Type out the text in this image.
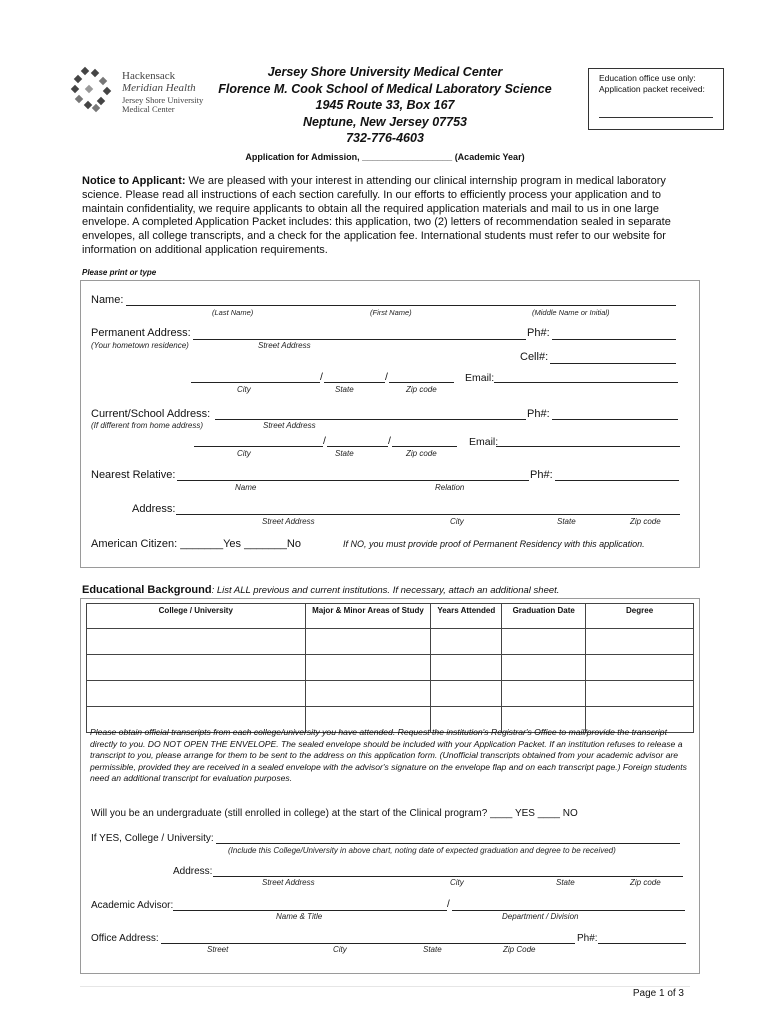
Hackensack
Meridian Health
Jersey Shore University
Medical Center
Jersey Shore University Medical Center
Florence M. Cook School of Medical Laboratory Science
1945 Route 33, Box 167
Neptune, New Jersey 07753
732-776-4603
Education office use only:
Application packet received:
Application for Admission, __________________ (Academic Year)
Notice to Applicant: We are pleased with your interest in attending our clinical internship program in medical laboratory science. Please read all instructions of each section carefully. In our efforts to efficiently process your application and to maintain confidentiality, we require applicants to obtain all the required application materials and mail to us in one large envelope. A completed Application Packet includes: this application, two (2) letters of recommendation sealed in separate envelopes, all college transcripts, and a check for the application fee. International students must refer to our website for information on additional application requirements.
Please print or type
Name:
(Last Name)	(First Name)	(Middle Name or Initial)
Permanent Address:	Ph#:
(Your hometown residence)	Street Address
Cell#:
/	/	Email:
City	State	Zip code
Current/School Address:	Ph#:
(If different from home address)	Street Address
/	/	Email:
City	State	Zip code
Nearest Relative:	Ph#:
Name	Relation
Address:
Street Address	City	State	Zip code
American Citizen: _______Yes _______No	If NO, you must provide proof of Permanent Residency with this application.
Educational Background: List ALL previous and current institutions. If necessary, attach an additional sheet.
College / University	Major & Minor Areas of Study	Years Attended	Graduation Date	Degree

Please obtain official transcripts from each college/university you have attended. Request the institution's Registrar's Office to mail/provide the transcript directly to you. DO NOT OPEN THE ENVELOPE. The sealed envelope should be included with your Application Packet. If an institution refuses to release a transcript to you, please arrange for them to be sent to the address on this application form. (Unofficial transcripts obtained from your academic advisor are permissible, provided they are received in a sealed envelope with the advisor's signature on the envelope flap and on each transcript page.) Foreign students need an additional transcript for evaluation purposes.
Will you be an undergraduate (still enrolled in college) at the start of the Clinical program? ____ YES ____ NO
If YES, College / University:
(Include this College/University in above chart, noting date of expected graduation and degree to be received)
Address:
Street Address	City	State	Zip code
Academic Advisor:	/
Name & Title	Department / Division
Office Address:	Ph#:
Street	City	State	Zip Code
Page 1 of 3
